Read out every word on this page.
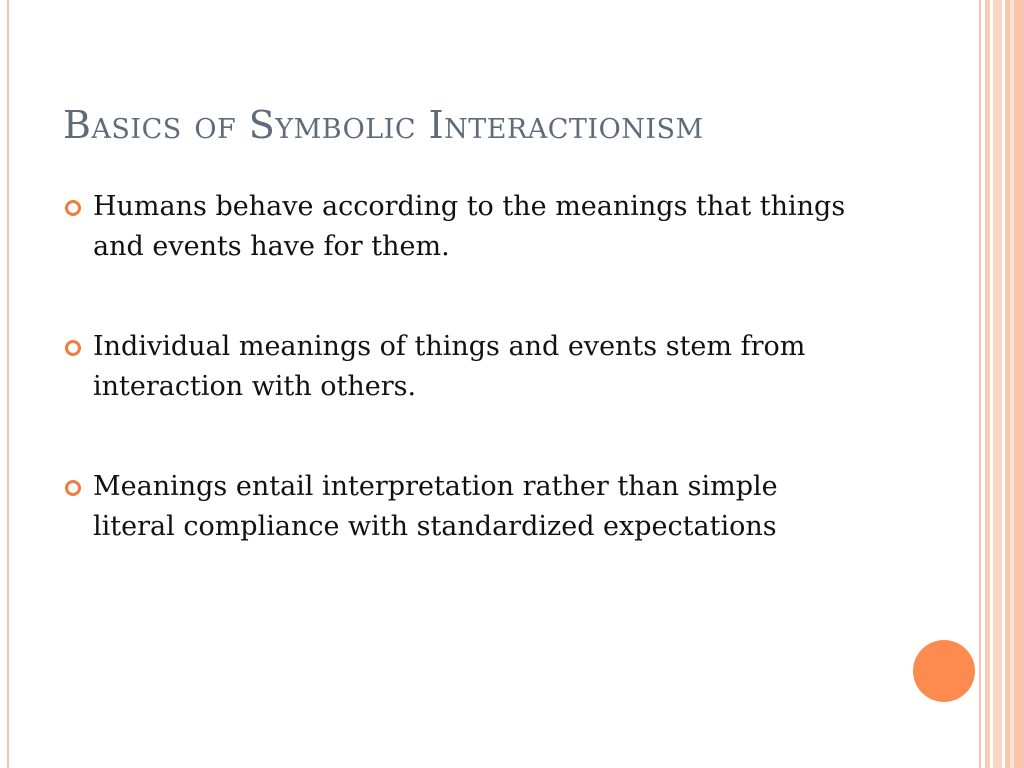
Basics of Symbolic Interactionism
Humans behave according to the meanings that things and events have for them.
Individual meanings of things and events stem from interaction with others.
Meanings entail interpretation rather than simple literal compliance with standardized expectations
